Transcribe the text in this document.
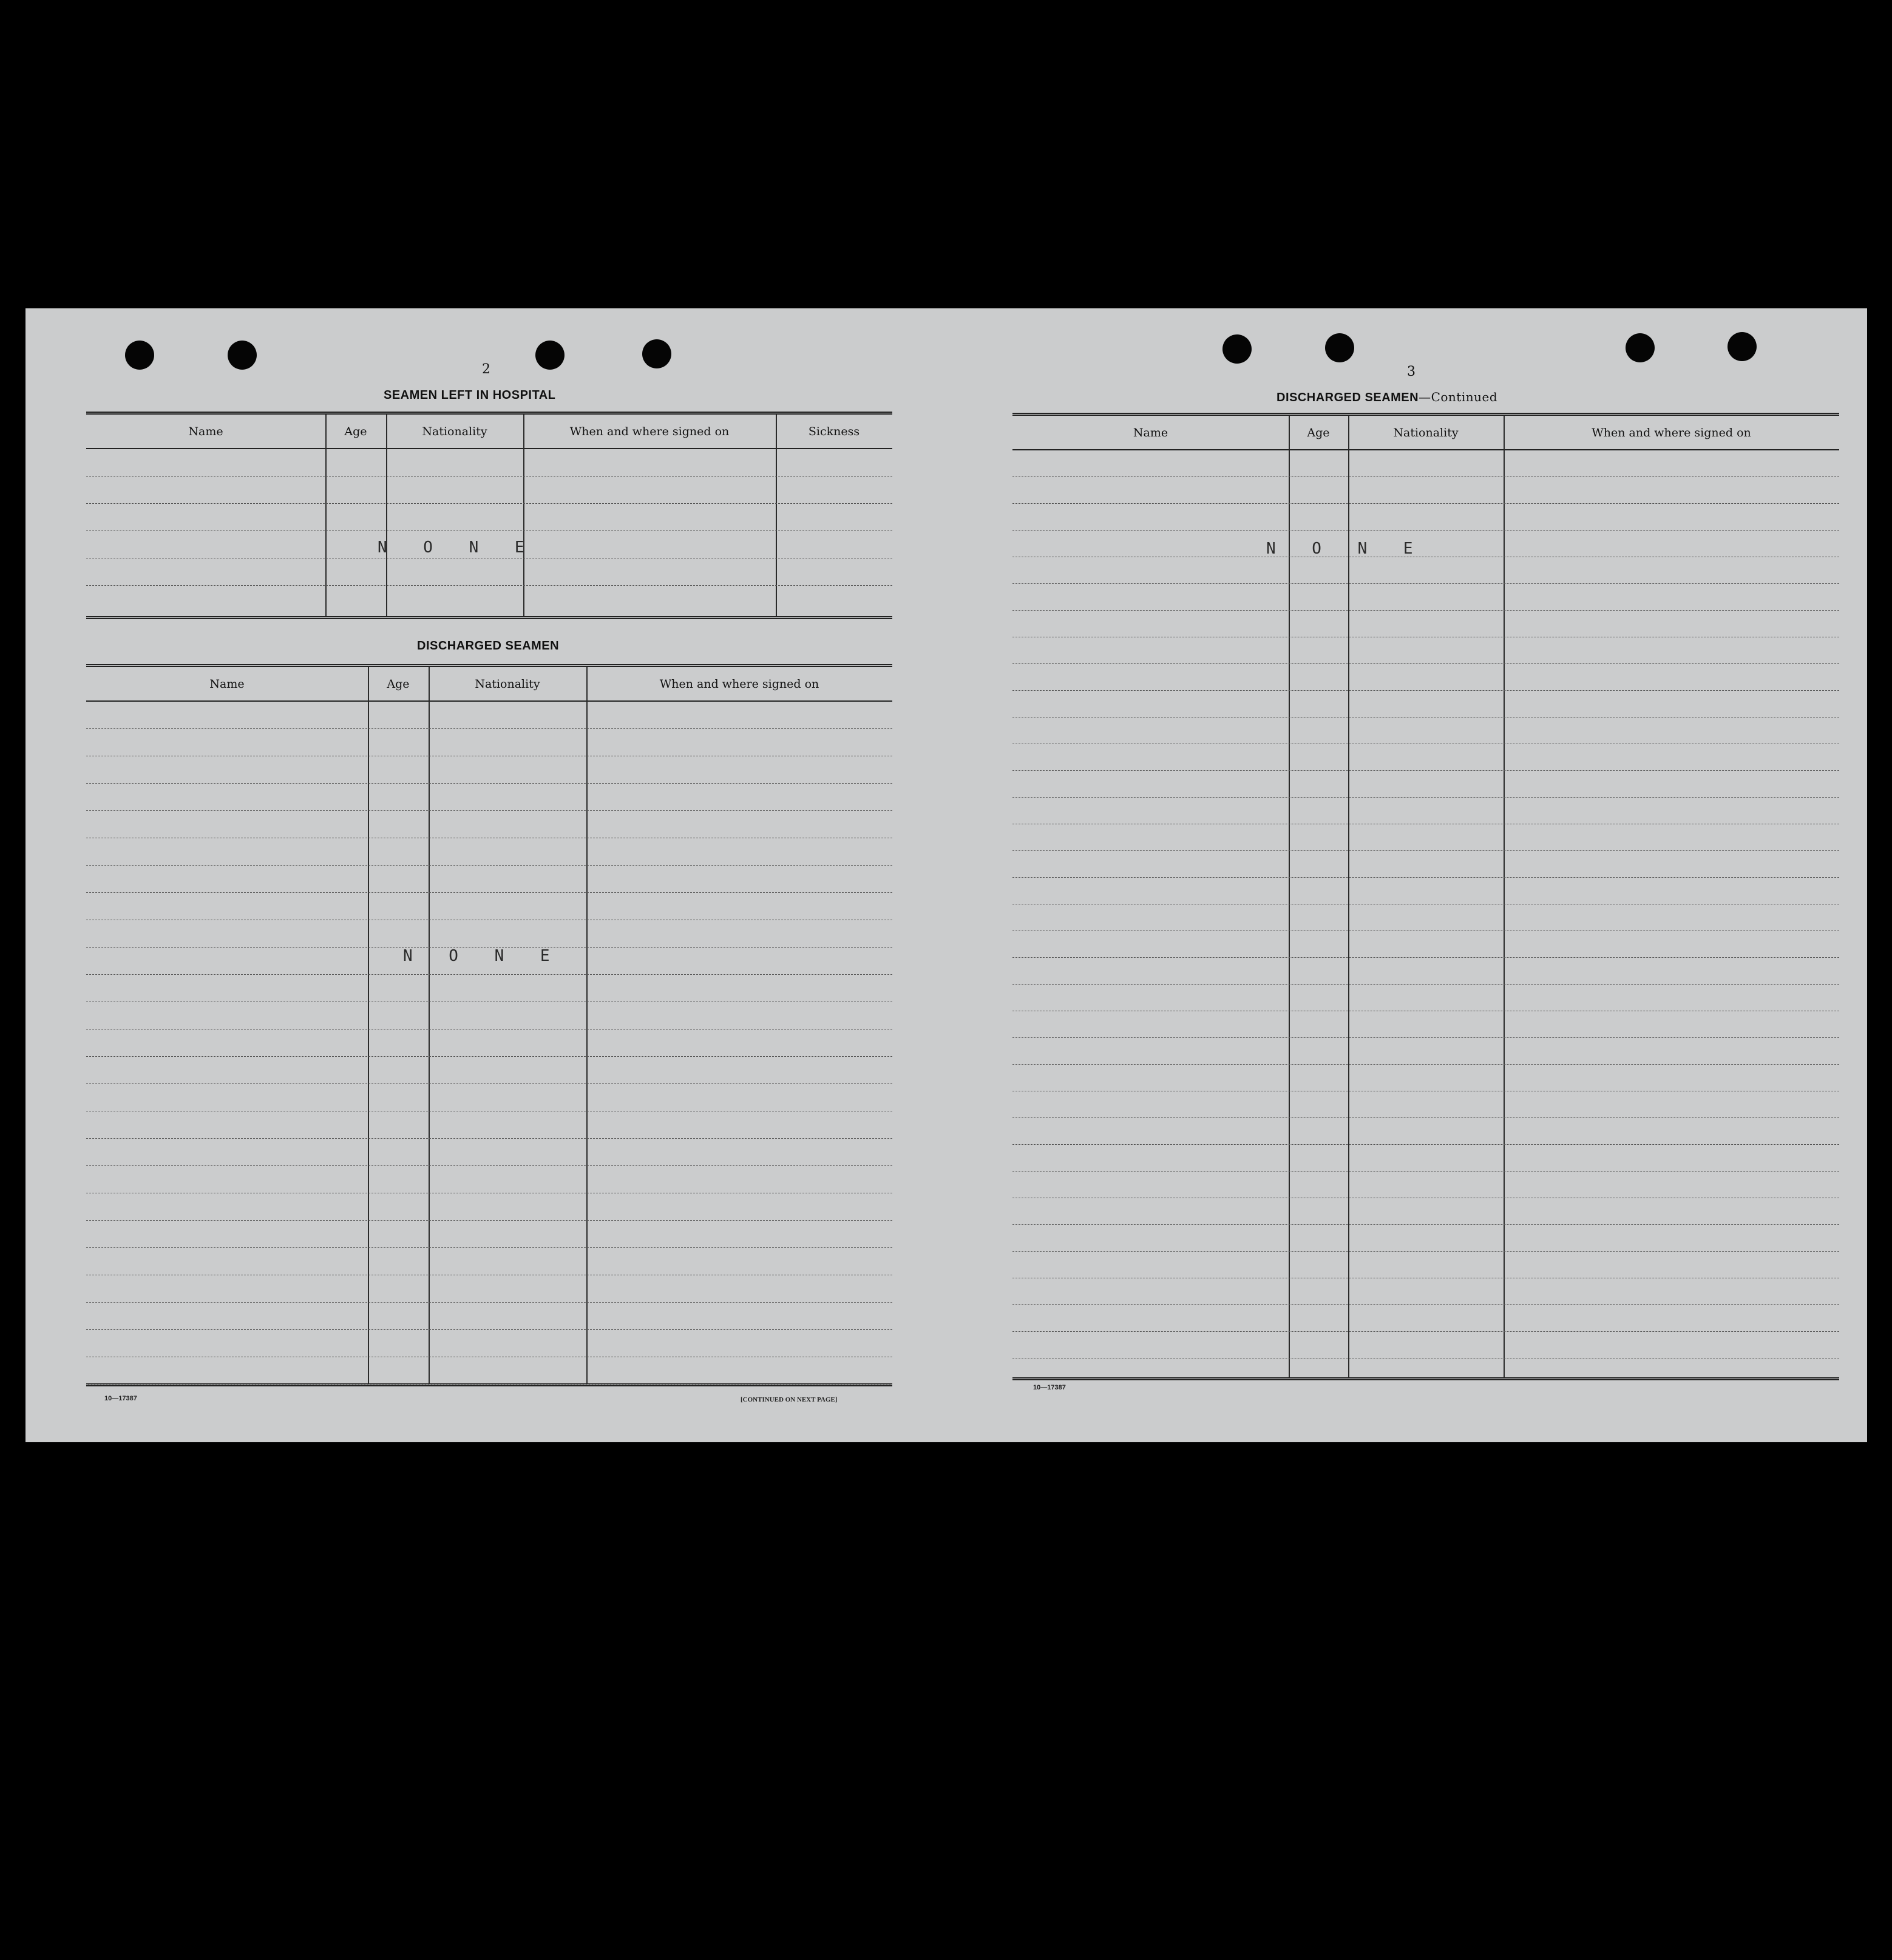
2
SEAMEN LEFT IN HOSPITAL
Name	Age	Nationality	When and where signed on	Sickness
N O N E
DISCHARGED SEAMEN
Name	Age	Nationality	When and where signed on
N O N E
10—17387	[CONTINUED ON NEXT PAGE]
3
DISCHARGED SEAMEN—Continued
Name	Age	Nationality	When and where signed on
N O N E
10—17387
